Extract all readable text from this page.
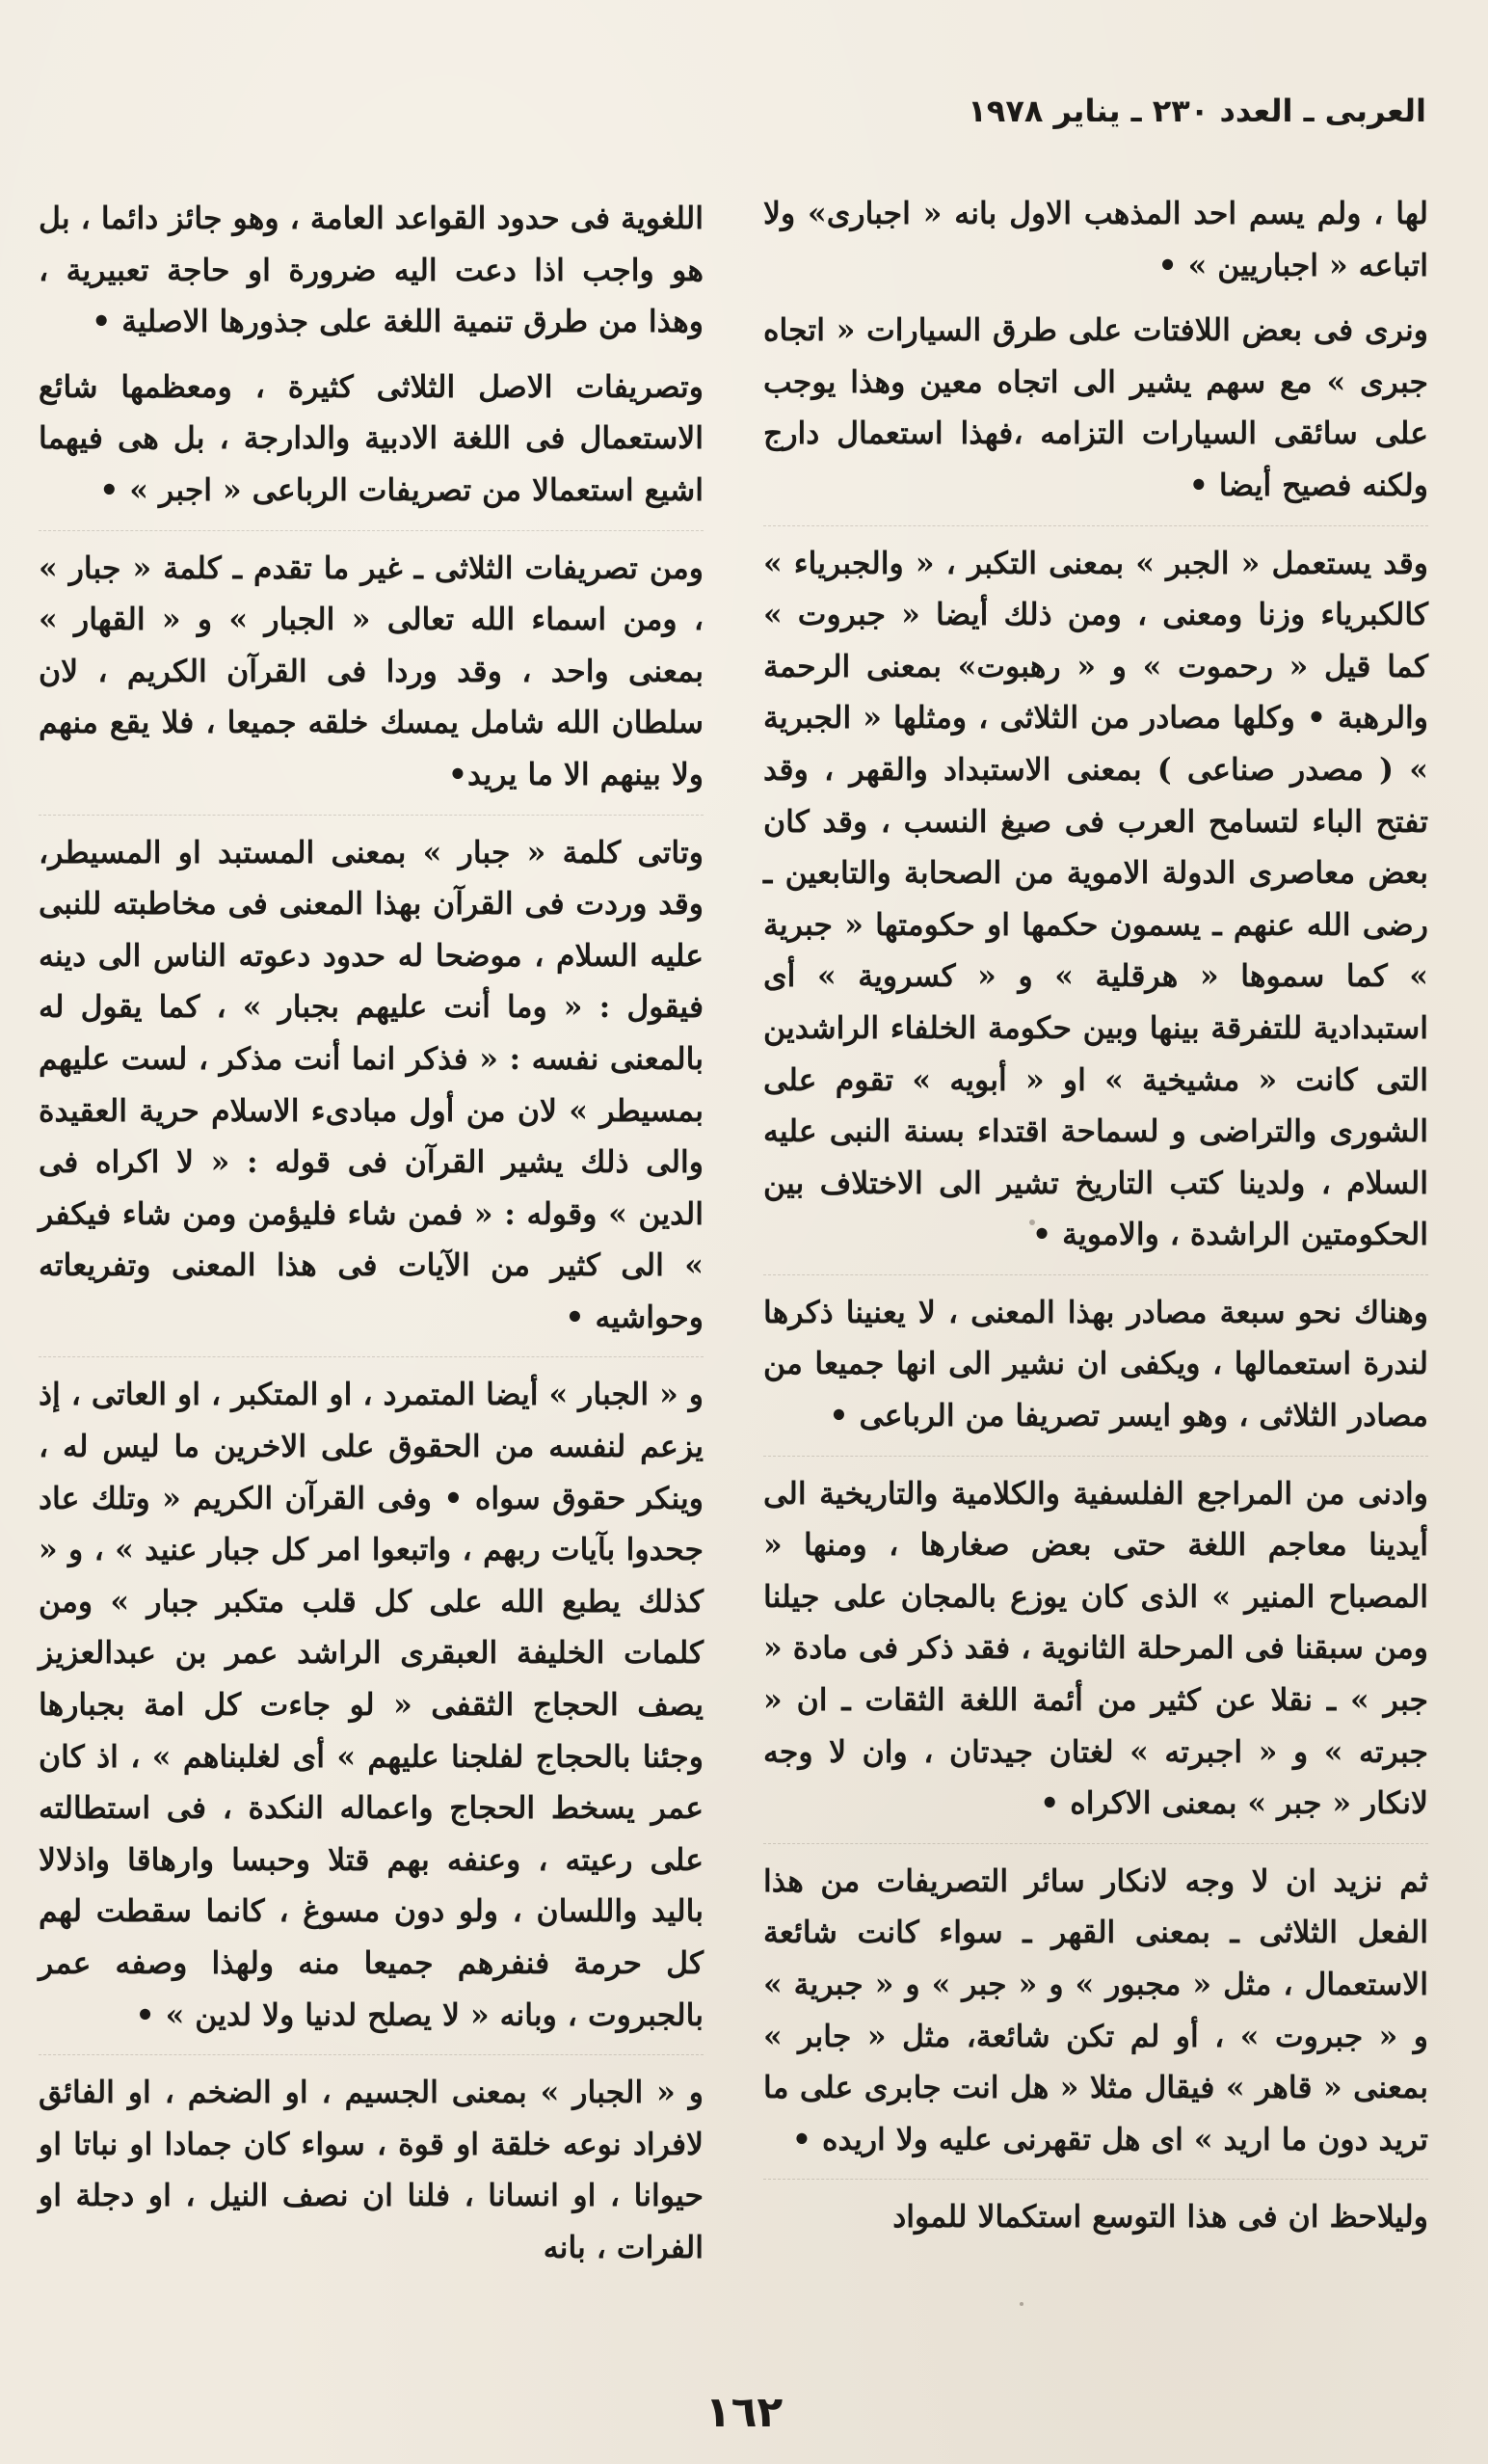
العربى ـ العدد ٢٣٠ ـ يناير ١٩٧٨

لها ، ولم يسم احد المذهب الاول بانه « اجبارى» ولا اتباعه « اجباريين » •

ونرى فى بعض اللافتات على طرق السيارات « اتجاه جبرى » مع سهم يشير الى اتجاه معين وهذا يوجب على سائقى السيارات التزامه ،فهذا استعمال دارج ولكنه فصيح أيضا •

وقد يستعمل « الجبر » بمعنى التكبر ، « والجبرياء » كالكبرياء وزنا ومعنى ، ومن ذلك أيضا « جبروت » كما قيل « رحموت » و « رهبوت» بمعنى الرحمة والرهبة • وكلها مصادر من الثلاثى ، ومثلها « الجبرية » ( مصدر صناعى ) بمعنى الاستبداد والقهر ، وقد تفتح الباء لتسامح العرب فى صيغ النسب ، وقد كان بعض معاصرى الدولة الاموية من الصحابة والتابعين ـ رضى الله عنهم ـ يسمون حكمها او حكومتها « جبرية » كما سموها « هرقلية » و « كسروية » أى استبدادية للتفرقة بينها وبين حكومة الخلفاء الراشدين التى كانت « مشيخية » او « أبويه » تقوم على الشورى والتراضى و لسماحة اقتداء بسنة النبى عليه السلام ، ولدينا كتب التاريخ تشير الى الاختلاف بين الحكومتين الراشدة ، والاموية •

وهناك نحو سبعة مصادر بهذا المعنى ، لا يعنينا ذكرها لندرة استعمالها ، ويكفى ان نشير الى انها جميعا من مصادر الثلاثى ، وهو ايسر تصريفا من الرباعى •

وادنى من المراجع الفلسفية والكلامية والتاريخية الى أيدينا معاجم اللغة حتى بعض صغارها ، ومنها « المصباح المنير » الذى كان يوزع بالمجان على جيلنا ومن سبقنا فى المرحلة الثانوية ، فقد ذكر فى مادة « جبر » ـ نقلا عن كثير من أئمة اللغة الثقات ـ ان « جبرته » و « اجبرته » لغتان جيدتان ، وان لا وجه لانكار « جبر » بمعنى الاكراه •

ثم نزيد ان لا وجه لانكار سائر التصريفات من هذا الفعل الثلاثى ـ بمعنى القهر ـ سواء كانت شائعة الاستعمال ، مثل « مجبور » و « جبر » و « جبرية » و « جبروت » ، أو لم تكن شائعة، مثل « جابر » بمعنى « قاهر » فيقال مثلا « هل انت جابرى على ما تريد دون ما اريد » اى هل تقهرنى عليه ولا اريده •

وليلاحظ ان فى هذا التوسع استكمالا للمواد

اللغوية فى حدود القواعد العامة ، وهو جائز دائما ، بل هو واجب اذا دعت اليه ضرورة او حاجة تعبيرية ، وهذا من طرق تنمية اللغة على جذورها الاصلية •

وتصريفات الاصل الثلاثى كثيرة ، ومعظمها شائع الاستعمال فى اللغة الادبية والدارجة ، بل هى فيهما اشيع استعمالا من تصريفات الرباعى « اجبر » •

ومن تصريفات الثلاثى ـ غير ما تقدم ـ كلمة « جبار » ، ومن اسماء الله تعالى « الجبار » و « القهار » بمعنى واحد ، وقد وردا فى القرآن الكريم ، لان سلطان الله شامل يمسك خلقه جميعا ، فلا يقع منهم ولا بينهم الا ما يريد•

وتاتى كلمة « جبار » بمعنى المستبد او المسيطر، وقد وردت فى القرآن بهذا المعنى فى مخاطبته للنبى عليه السلام ، موضحا له حدود دعوته الناس الى دينه فيقول : « وما أنت عليهم بجبار » ، كما يقول له بالمعنى نفسه : « فذكر انما أنت مذكر ، لست عليهم بمسيطر » لان من أول مبادىء الاسلام حرية العقيدة والى ذلك يشير القرآن فى قوله : « لا اكراه فى الدين » وقوله : « فمن شاء فليؤمن ومن شاء فيكفر » الى كثير من الآيات فى هذا المعنى وتفريعاته وحواشيه •

و « الجبار » أيضا المتمرد ، او المتكبر ، او العاتى ، إذ يزعم لنفسه من الحقوق على الاخرين ما ليس له ، وينكر حقوق سواه • وفى القرآن الكريم « وتلك عاد جحدوا بآيات ربهم ، واتبعوا امر كل جبار عنيد » ، و « كذلك يطبع الله على كل قلب متكبر جبار » ومن كلمات الخليفة العبقرى الراشد عمر بن عبدالعزيز يصف الحجاج الثقفى « لو جاءت كل امة بجبارها وجئنا بالحجاج لفلجنا عليهم » أى لغلبناهم » ، اذ كان عمر يسخط الحجاج واعماله النكدة ، فى استطالته على رعيته ، وعنفه بهم قتلا وحبسا وارهاقا واذلالا باليد واللسان ، ولو دون مسوغ ، كانما سقطت لهم كل حرمة فنفرهم جميعا منه ولهذا وصفه عمر بالجبروت ، وبانه « لا يصلح لدنيا ولا لدين » •

و « الجبار » بمعنى الجسيم ، او الضخم ، او الفائق لافراد نوعه خلقة او قوة ، سواء كان جمادا او نباتا او حيوانا ، او انسانا ، فلنا ان نصف النيل ، او دجلة او الفرات ، بانه

١٦٢
